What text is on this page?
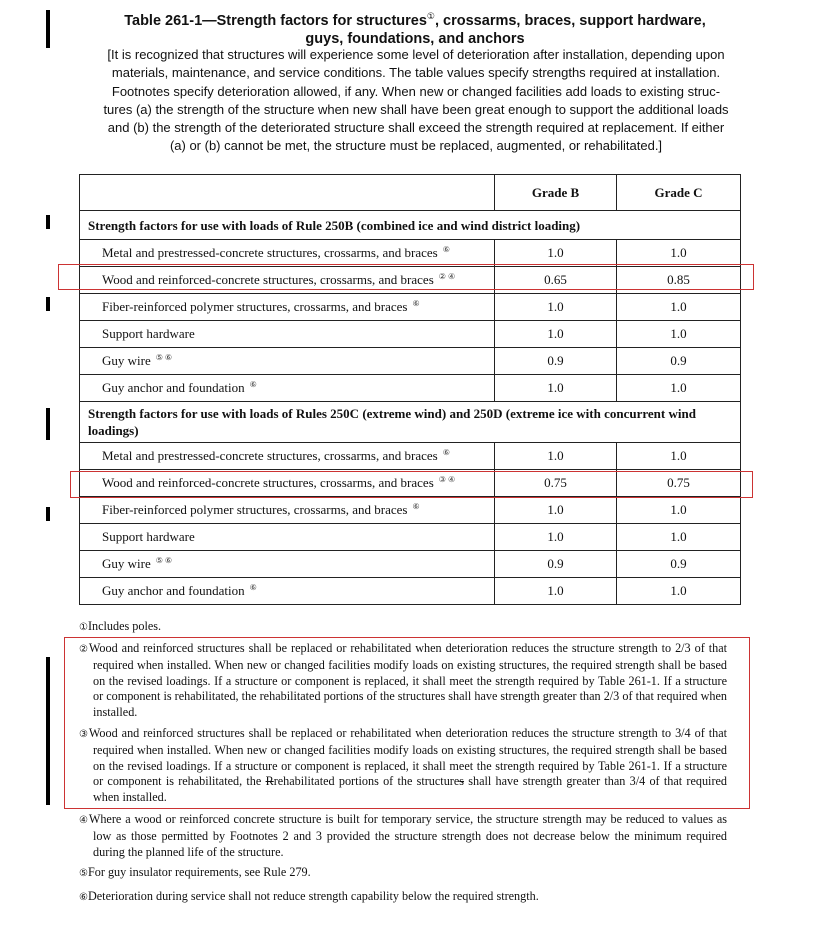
Table 261-1—Strength factors for structures①, crossarms, braces, support hardware,
guys, foundations, and anchors
[It is recognized that structures will experience some level of deterioration after installation, depending upon
materials, maintenance, and service conditions. The table values specify strengths required at installation.
Footnotes specify deterioration allowed, if any. When new or changed facilities add loads to existing struc-
tures (a) the strength of the structure when new shall have been great enough to support the additional loads
and (b) the strength of the deteriorated structure shall exceed the strength required at replacement. If either
(a) or (b) cannot be met, the structure must be replaced, augmented, or rehabilitated.]
	Grade B	Grade C
Strength factors for use with loads of Rule 250B (combined ice and wind district loading)		
Metal and prestressed-concrete structures, crossarms, and braces ⑥	1.0	1.0
Wood and reinforced-concrete structures, crossarms, and braces ② ④	0.65	0.85
Fiber-reinforced polymer structures, crossarms, and braces ⑥	1.0	1.0
Support hardware	1.0	1.0
Guy wire ⑤ ⑥	0.9	0.9
Guy anchor and foundation ⑥	1.0	1.0
Strength factors for use with loads of Rules 250C (extreme wind) and 250D (extreme ice with concurrent wind loadings)		
Metal and prestressed-concrete structures, crossarms, and braces ⑥	1.0	1.0
Wood and reinforced-concrete structures, crossarms, and braces ③ ④	0.75	0.75
Fiber-reinforced polymer structures, crossarms, and braces ⑥	1.0	1.0
Support hardware	1.0	1.0
Guy wire ⑤ ⑥	0.9	0.9
Guy anchor and foundation ⑥	1.0	1.0
①Includes poles.
②Wood and reinforced structures shall be replaced or rehabilitated when deterioration reduces the structure strength to 2/3 of that required when installed. When new or changed facilities modify loads on existing structures, the required strength shall be based on the revised loadings. If a structure or component is replaced, it shall meet the strength required by Table 261-1. If a structure or component is rehabilitated, the rehabilitated portions of the structures shall have strength greater than 2/3 of that required when installed.
③Wood and reinforced structures shall be replaced or rehabilitated when deterioration reduces the structure strength to 3/4 of that required when installed. When new or changed facilities modify loads on existing structures, the required strength shall be based on the revised loadings. If a structure or component is replaced, it shall meet the strength required by Table 261-1. If a structure or component is rehabilitated, the Rrehabilitated portions of the structures shall have strength greater than 3/4 of that required when installed.
④Where a wood or reinforced concrete structure is built for temporary service, the structure strength may be reduced to values as low as those permitted by Footnotes 2 and 3 provided the structure strength does not decrease below the minimum required during the planned life of the structure.
⑤For guy insulator requirements, see Rule 279.
⑥Deterioration during service shall not reduce strength capability below the required strength.
